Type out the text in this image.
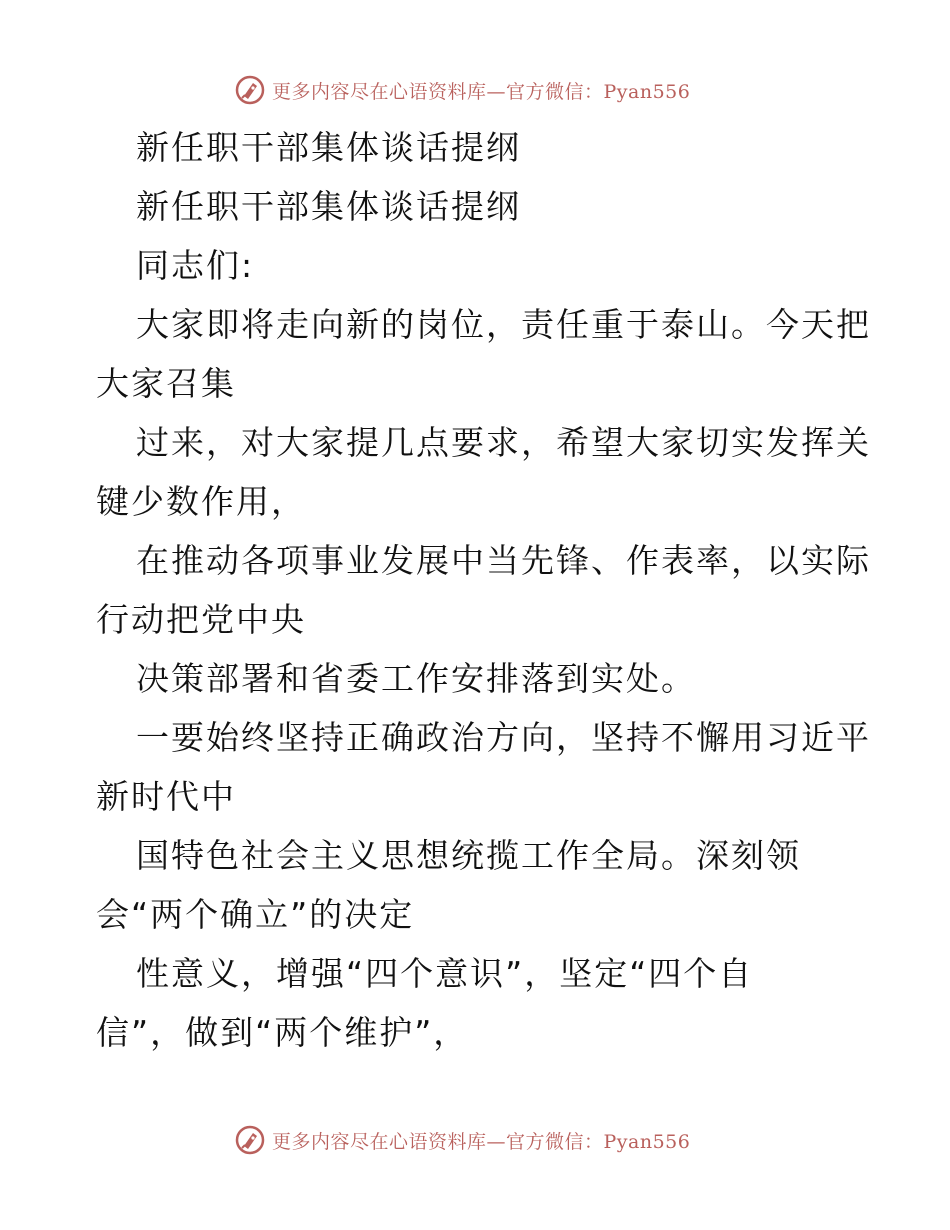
更多内容尽在心语资料库—官方微信：Pyan556
新任职干部集体谈话提纲
新任职干部集体谈话提纲
同志们:
大家即将走向新的岗位，责任重于泰山。今天把
大家召集
过来，对大家提几点要求，希望大家切实发挥关
键少数作用，
在推动各项事业发展中当先锋、作表率，以实际
行动把党中央
决策部署和省委工作安排落到实处。
一要始终坚持正确政治方向，坚持不懈用习近平
新时代中
国特色社会主义思想统揽工作全局。深刻领
会“两个确立”的决定
性意义，增强“四个意识”，坚定“四个自
信”，做到“两个维护”，
更多内容尽在心语资料库—官方微信：Pyan556
